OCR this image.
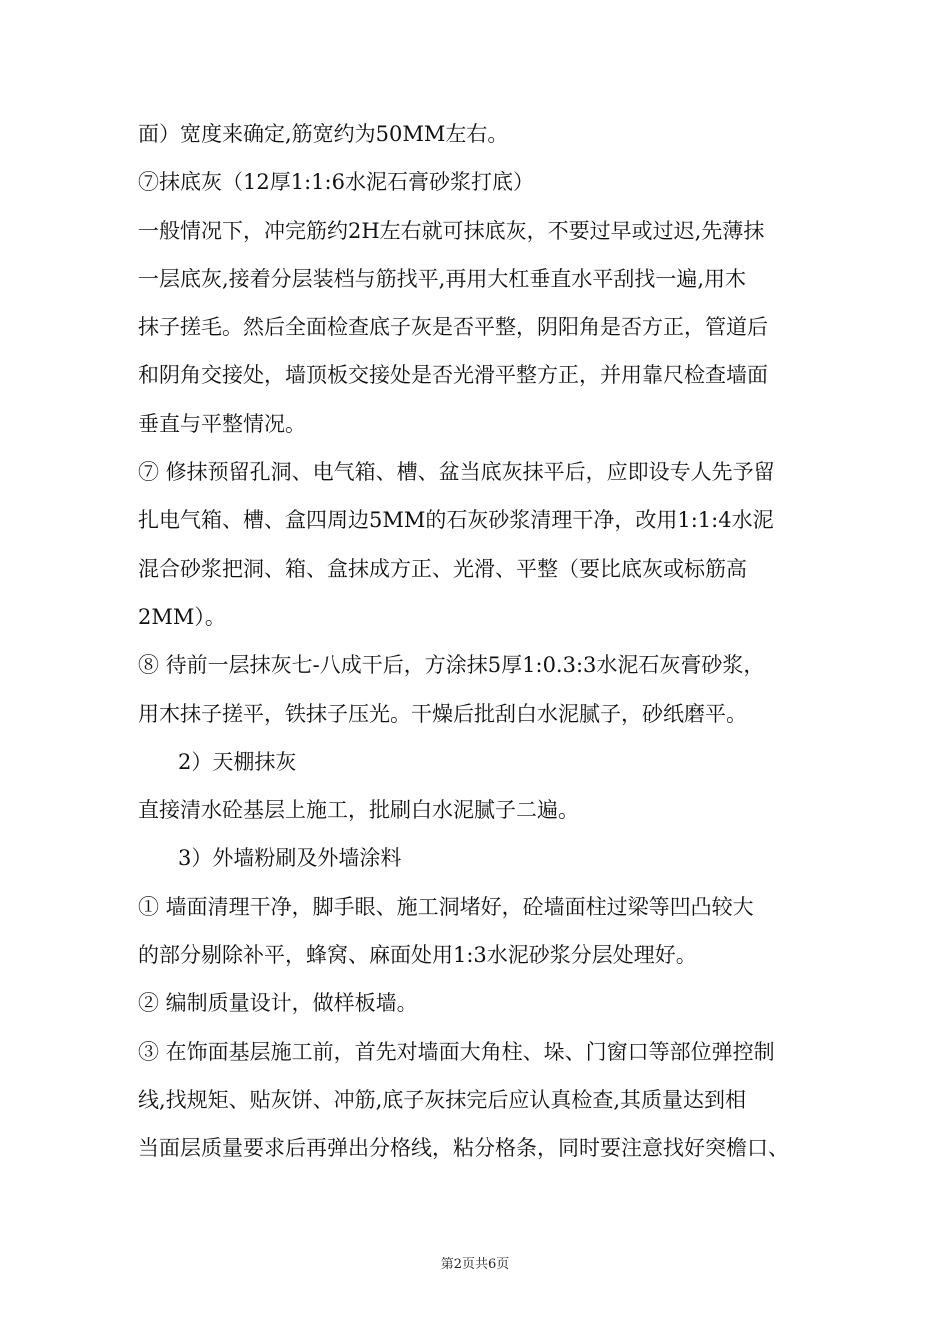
面）宽度来确定,筋宽约为50MM左右。
⑦抹底灰（12厚1:1:6水泥石膏砂浆打底）
一般情况下，冲完筋约2H左右就可抹底灰，不要过早或过迟,先薄抹
一层底灰,接着分层装档与筋找平,再用大杠垂直水平刮找一遍,用木
抹子搓毛。然后全面检查底子灰是否平整，阴阳角是否方正，管道后
和阴角交接处，墙顶板交接处是否光滑平整方正，并用靠尺检查墙面
垂直与平整情况。
⑦ 修抹预留孔洞、电气箱、槽、盆当底灰抹平后，应即设专人先予留
扎电气箱、槽、盒四周边5MM的石灰砂浆清理干净，改用1:1:4水泥
混合砂浆把洞、箱、盒抹成方正、光滑、平整（要比底灰或标筋高
2MM）。
⑧ 待前一层抹灰七-八成干后，方涂抹5厚1:0.3:3水泥石灰膏砂浆，
用木抹子搓平，铁抹子压光。干燥后批刮白水泥腻子，砂纸磨平。
2）天棚抹灰
直接清水砼基层上施工，批刷白水泥腻子二遍。
3）外墙粉刷及外墙涂料
① 墙面清理干净，脚手眼、施工洞堵好，砼墙面柱过梁等凹凸较大
的部分剔除补平，蜂窝、麻面处用1:3水泥砂浆分层处理好。
② 编制质量设计，做样板墙。
③ 在饰面基层施工前，首先对墙面大角柱、垛、门窗口等部位弹控制
线,找规矩、贴灰饼、冲筋,底子灰抹完后应认真检查,其质量达到相
当面层质量要求后再弹出分格线，粘分格条，同时要注意找好突檐口、
第2页共6页
